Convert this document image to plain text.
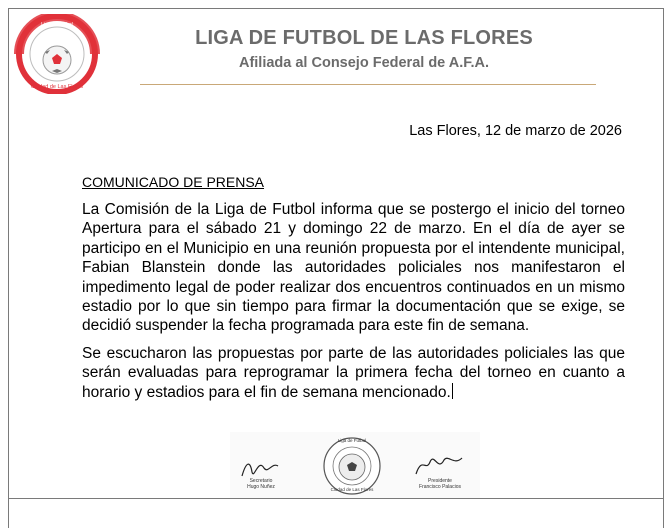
Liga de Futbol
Ciudad de Las Flores
LIGA DE FUTBOL DE LAS FLORES
Afiliada al Consejo Federal de A.F.A.
Las Flores, 12 de marzo de 2026
COMUNICADO DE PRENSA

La Comisión de la Liga de Futbol informa que se postergo el inicio del torneo Apertura para el sábado 21 y domingo 22 de marzo. En el día de ayer se participo en el Municipio en una reunión propuesta por el intendente municipal, Fabian Blanstein donde las autoridades policiales nos manifestaron el impedimento legal de poder realizar dos encuentros continuados en un mismo estadio por lo que sin tiempo para firmar la documentación que se exige, se decidió suspender la fecha programada para este fin de semana.

Se escucharon las propuestas por parte de las autoridades policiales las que serán evaluadas para reprogramar la primera fecha del torneo en cuanto a horario y estadios para el fin de semana mencionado.

Secretario
Hugo Nuñez
Liga de Futbol
Ciudad de Las Flores
Presidente
Francisco Palacios
